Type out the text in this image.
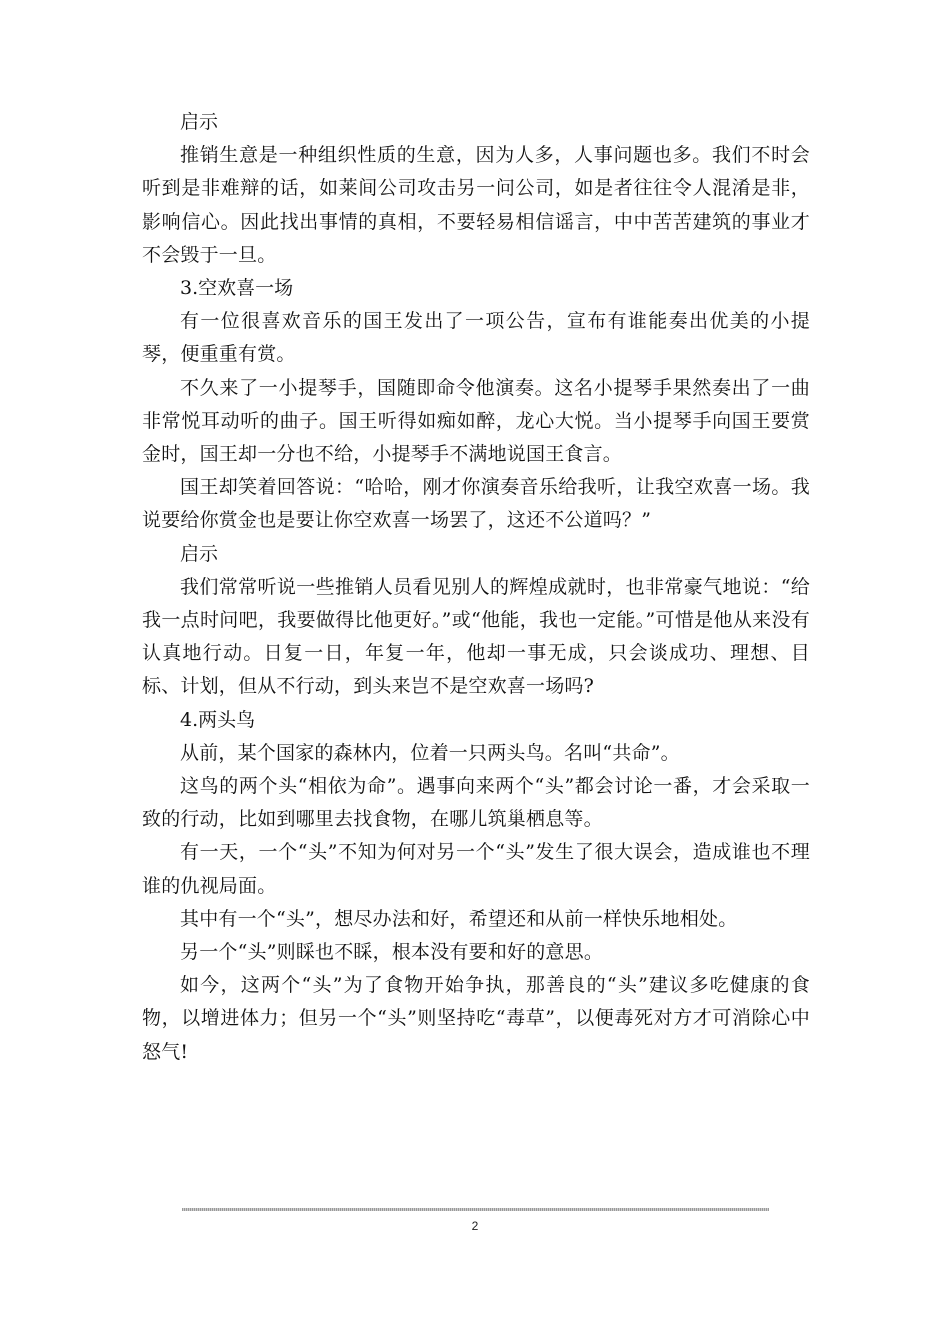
启示

推销生意是一种组织性质的生意，因为人多，人事问题也多。我们不时会听到是非难辩的话，如莱间公司攻击另一问公司，如是者往往令人混淆是非，影响信心。因此找出事情的真相，不要轻易相信谣言，中中苦苦建筑的事业才不会毁于一旦。

3.空欢喜一场

有一位很喜欢音乐的国王发出了一项公告，宣布有谁能奏出优美的小提琴，便重重有赏。

不久来了一小提琴手，国随即命令他演奏。这名小提琴手果然奏出了一曲非常悦耳动听的曲子。国王听得如痴如醉，龙心大悦。当小提琴手向国王要赏金时，国王却一分也不给，小提琴手不满地说国王食言。

国王却笑着回答说：“哈哈，刚才你演奏音乐给我听，让我空欢喜一场。我说要给你赏金也是要让你空欢喜一场罢了，这还不公道吗？”

启示

我们常常听说一些推销人员看见别人的辉煌成就时，也非常豪气地说：“给我一点时问吧，我要做得比他更好。”或“他能，我也一定能。”可惜是他从来没有认真地行动。日复一日，年复一年，他却一事无成，只会谈成功、理想、目标、计划，但从不行动，到头来岂不是空欢喜一场吗?

4.两头鸟

从前，某个国家的森林内，位着一只两头鸟。名叫“共命”。

这鸟的两个头“相依为命”。遇事向来两个“头”都会讨论一番，才会采取一致的行动，比如到哪里去找食物，在哪儿筑巢栖息等。

有一天，一个“头”不知为何对另一个“头”发生了很大误会，造成谁也不理谁的仇视局面。

其中有一个“头”，想尽办法和好，希望还和从前一样快乐地相处。

另一个“头”则睬也不睬，根本没有要和好的意思。

如今，这两个“头”为了食物开始争执，那善良的“头”建议多吃健康的食物，以增进体力；但另一个“头”则坚持吃“毒草”，以便毒死对方才可消除心中怒气!

2
